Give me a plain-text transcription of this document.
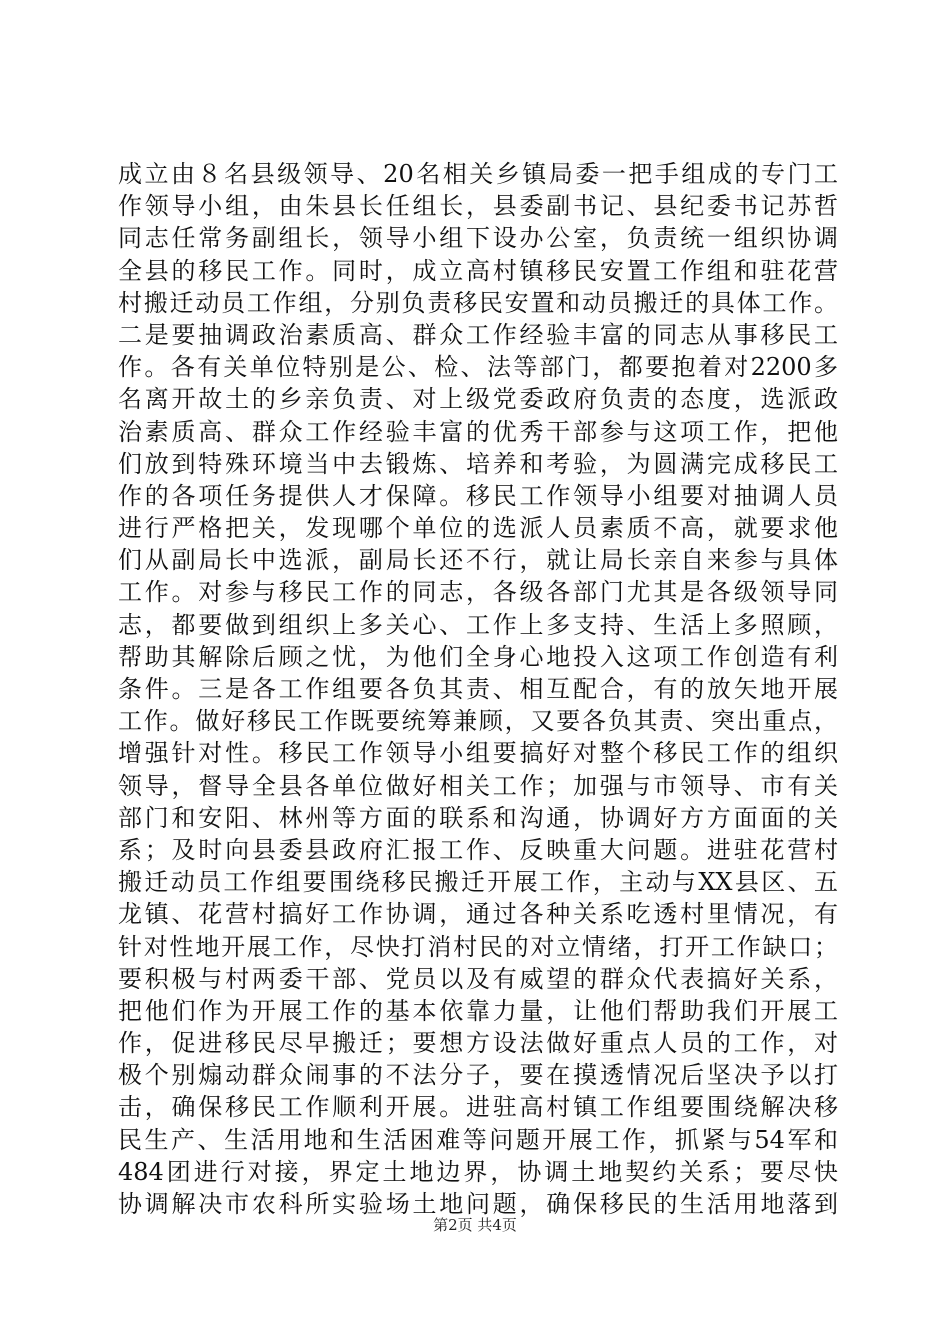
成立由８名县级领导、20名相关乡镇局委一把手组成的专门工
作领导小组，由朱县长任组长，县委副书记、县纪委书记苏哲
同志任常务副组长，领导小组下设办公室，负责统一组织协调
全县的移民工作。同时，成立高村镇移民安置工作组和驻花营
村搬迁动员工作组，分别负责移民安置和动员搬迁的具体工作。
二是要抽调政治素质高、群众工作经验丰富的同志从事移民工
作。各有关单位特别是公、检、法等部门，都要抱着对2200多
名离开故土的乡亲负责、对上级党委政府负责的态度，选派政
治素质高、群众工作经验丰富的优秀干部参与这项工作，把他
们放到特殊环境当中去锻炼、培养和考验，为圆满完成移民工
作的各项任务提供人才保障。移民工作领导小组要对抽调人员
进行严格把关，发现哪个单位的选派人员素质不高，就要求他
们从副局长中选派，副局长还不行，就让局长亲自来参与具体
工作。对参与移民工作的同志，各级各部门尤其是各级领导同
志，都要做到组织上多关心、工作上多支持、生活上多照顾，
帮助其解除后顾之忧，为他们全身心地投入这项工作创造有利
条件。三是各工作组要各负其责、相互配合，有的放矢地开展
工作。做好移民工作既要统筹兼顾，又要各负其责、突出重点，
增强针对性。移民工作领导小组要搞好对整个移民工作的组织
领导，督导全县各单位做好相关工作；加强与市领导、市有关
部门和安阳、林州等方面的联系和沟通，协调好方方面面的关
系；及时向县委县政府汇报工作、反映重大问题。进驻花营村
搬迁动员工作组要围绕移民搬迁开展工作，主动与XX县区、五
龙镇、花营村搞好工作协调，通过各种关系吃透村里情况，有
针对性地开展工作，尽快打消村民的对立情绪，打开工作缺口；
要积极与村两委干部、党员以及有威望的群众代表搞好关系，
把他们作为开展工作的基本依靠力量，让他们帮助我们开展工
作，促进移民尽早搬迁；要想方设法做好重点人员的工作，对
极个别煽动群众闹事的不法分子，要在摸透情况后坚决予以打
击，确保移民工作顺利开展。进驻高村镇工作组要围绕解决移
民生产、生活用地和生活困难等问题开展工作，抓紧与54军和
484团进行对接，界定土地边界，协调土地契约关系；要尽快
协调解决市农科所实验场土地问题，确保移民的生活用地落到
第2页 共4页
